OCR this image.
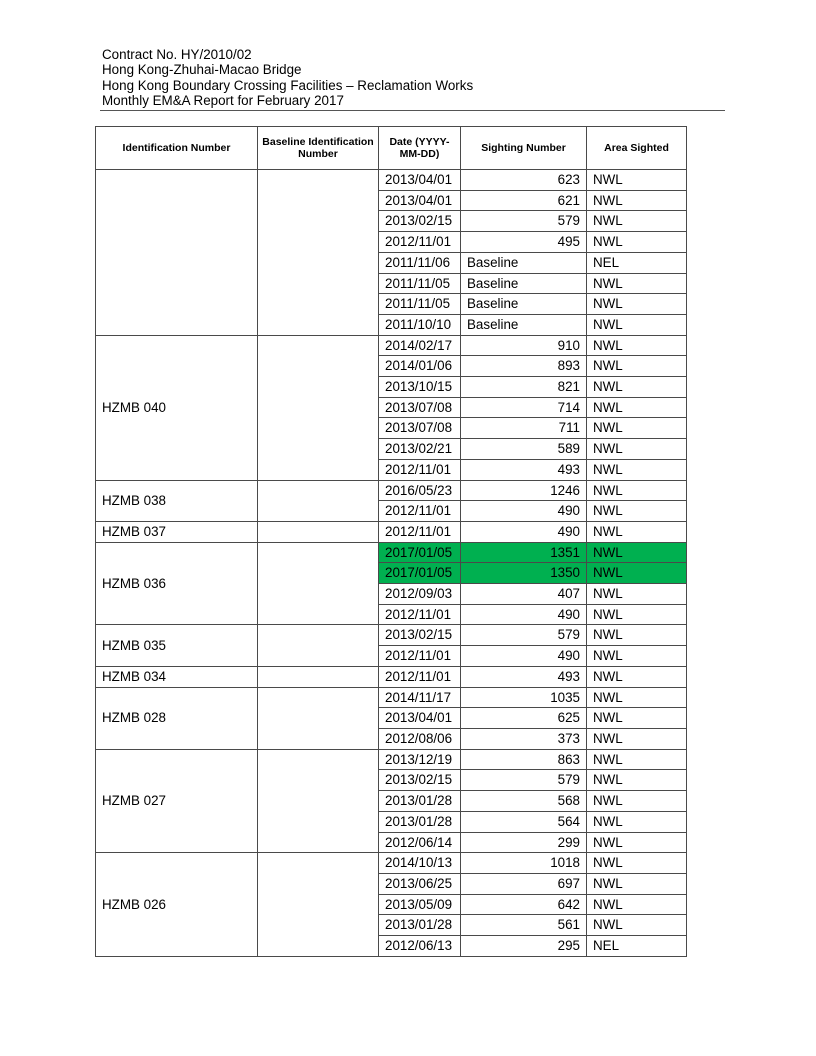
Contract No. HY/2010/02
Hong Kong-Zhuhai-Macao Bridge
Hong Kong Boundary Crossing Facilities – Reclamation Works
Monthly EM&A Report for February 2017
Identification Number	Baseline Identification Number	Date (YYYY-MM-DD)	Sighting Number	Area Sighted
		2013/04/01	623	NWL
		2013/04/01	621	NWL
		2013/02/15	579	NWL
		2012/11/01	495	NWL
		2011/11/06	Baseline	NEL
		2011/11/05	Baseline	NWL
		2011/11/05	Baseline	NWL
		2011/10/10	Baseline	NWL
HZMB 040		2014/02/17	910	NWL
		2014/01/06	893	NWL
		2013/10/15	821	NWL
		2013/07/08	714	NWL
		2013/07/08	711	NWL
		2013/02/21	589	NWL
		2012/11/01	493	NWL
HZMB 038		2016/05/23	1246	NWL
		2012/11/01	490	NWL
HZMB 037		2012/11/01	490	NWL
HZMB 036		2017/01/05	1351	NWL
		2017/01/05	1350	NWL
		2012/09/03	407	NWL
		2012/11/01	490	NWL
HZMB 035		2013/02/15	579	NWL
		2012/11/01	490	NWL
HZMB 034		2012/11/01	493	NWL
HZMB 028		2014/11/17	1035	NWL
		2013/04/01	625	NWL
		2012/08/06	373	NWL
HZMB 027		2013/12/19	863	NWL
		2013/02/15	579	NWL
		2013/01/28	568	NWL
		2013/01/28	564	NWL
		2012/06/14	299	NWL
HZMB 026		2014/10/13	1018	NWL
		2013/06/25	697	NWL
		2013/05/09	642	NWL
		2013/01/28	561	NWL
		2012/06/13	295	NEL
